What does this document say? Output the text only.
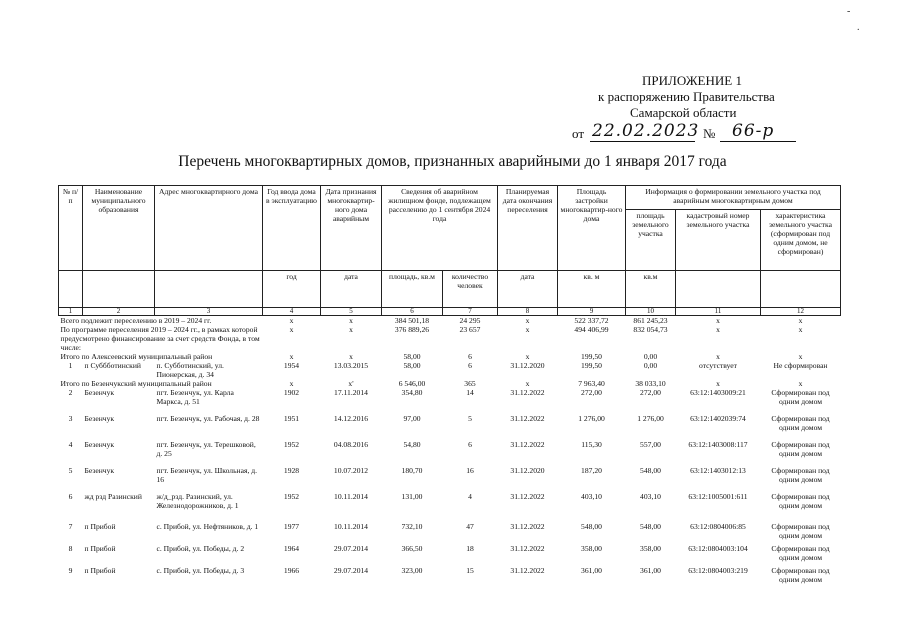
-
.
ПРИЛОЖЕНИЕ 1
к распоряжению Правительства
Самарской области
от 22.02.2023 № 66-р
Перечень многоквартирных домов, признанных аварийными до 1 января 2017 года
№ п/п	Наименование муниципального образования	Адрес многоквартирного дома	Год ввода дома в эксплуатацию	Дата признания многоквартир-ного дома аварийным	Сведения об аварийном жилищном фонде, подлежащем расселению до 1 сентября 2024 года		Планируемая дата окончания переселения	Площадь застройки многоквартир-ного дома	Информация о формировании земельного участка под аварийным многоквартирным домом		
									площадь земельного участка	кадастровый номер земельного участка	характеристика земельного участка (сформирован под одним домом, не сформирован)
			год	дата	площадь, кв.м	количество человек	дата	кв. м	кв.м		
1	2	3	4	5	6	7	8	9	10	11	12
Всего подлежит переселению в 2019 – 2024 гг.			x	x	384 501,18	24 295	x	522 337,72	861 245,23	x	x
По программе переселения 2019 – 2024 гг., в рамках которой предусмотрено финансирование за счет средств Фонда, в том числе:			x	x	376 889,26	23 657	x	494 406,99	832 054,73	x	x
Итого по Алексеевский муниципальный район			x	x	58,00	6	x	199,50	0,00	x	x
1	п Суббботинский	п. Субботинский, ул. Пионерская, д. 34	1954	13.03.2015	58,00	6	31.12.2020	199,50	0,00	отсутствует	Не сформирован
Итого по Безенчукский муниципальный район			x	x'	6 546,00	365	x	7 963,40	38 033,10	x	x
2	Безенчук	пгт. Безенчук, ул. Карла Маркса, д. 51	1902	17.11.2014	354,80	14	31.12.2022	272,00	272,00	63:12:1403009:21	Сформирован под одним домом
3	Безенчук	пгт. Безенчук, ул. Рабочая, д. 28	1951	14.12.2016	97,00	5	31.12.2022	1 276,00	1 276,00	63:12:1402039:74	Сформирован под одним домом
4	Безенчук	пгт. Безенчук, ул. Терешковой, д. 25	1952	04.08.2016	54,80	6	31.12.2022	115,30	557,00	63:12:1403008:117	Сформирован под одним домом
5	Безенчук	пгт. Безенчук, ул. Школьная, д. 16	1928	10.07.2012	180,70	16	31.12.2020	187,20	548,00	63:12:1403012:13	Сформирован под одним домом
6	жд рзд Разинский	ж/д_рзд. Разинский, ул. Железнодорожников, д. 1	1952	10.11.2014	131,00	4	31.12.2022	403,10	403,10	63:12:1005001:611	Сформирован под одним домом
7	п Прибой	с. Прибой, ул. Нефтяников, д. 1	1977	10.11.2014	732,10	47	31.12.2022	548,00	548,00	63:12:0804006:85	Сформирован под одним домом
8	п Прибой	с. Прибой, ул. Победы, д. 2	1964	29.07.2014	366,50	18	31.12.2022	358,00	358,00	63:12:0804003:104	Сформирован под одним домом
9	п Прибой	с. Прибой, ул. Победы, д. 3	1966	29.07.2014	323,00	15	31.12.2022	361,00	361,00	63:12:0804003:219	Сформирован под одним домом
